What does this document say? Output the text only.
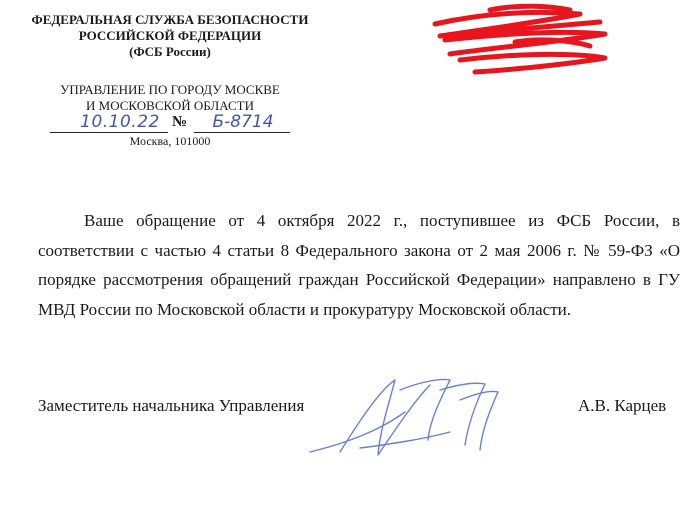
ФЕДЕРАЛЬНАЯ СЛУЖБА БЕЗОПАСНОСТИ
РОССИЙСКОЙ ФЕДЕРАЦИИ
(ФСБ России)
УПРАВЛЕНИЕ ПО ГОРОДУ МОСКВЕ
И МОСКОВСКОЙ ОБЛАСТИ
10.10.22 №	Б-8714
Москва, 101000

Ваше обращение от 4 октября 2022 г., поступившее из ФСБ России, в соответствии с частью 4 статьи 8 Федерального закона от 2 мая 2006 г. № 59-ФЗ «О порядке рассмотрения обращений граждан Российской Федерации» направлено в ГУ МВД России по Московской области и прокуратуру Московской области.

Заместитель начальника Управления	А.В. Карцев
